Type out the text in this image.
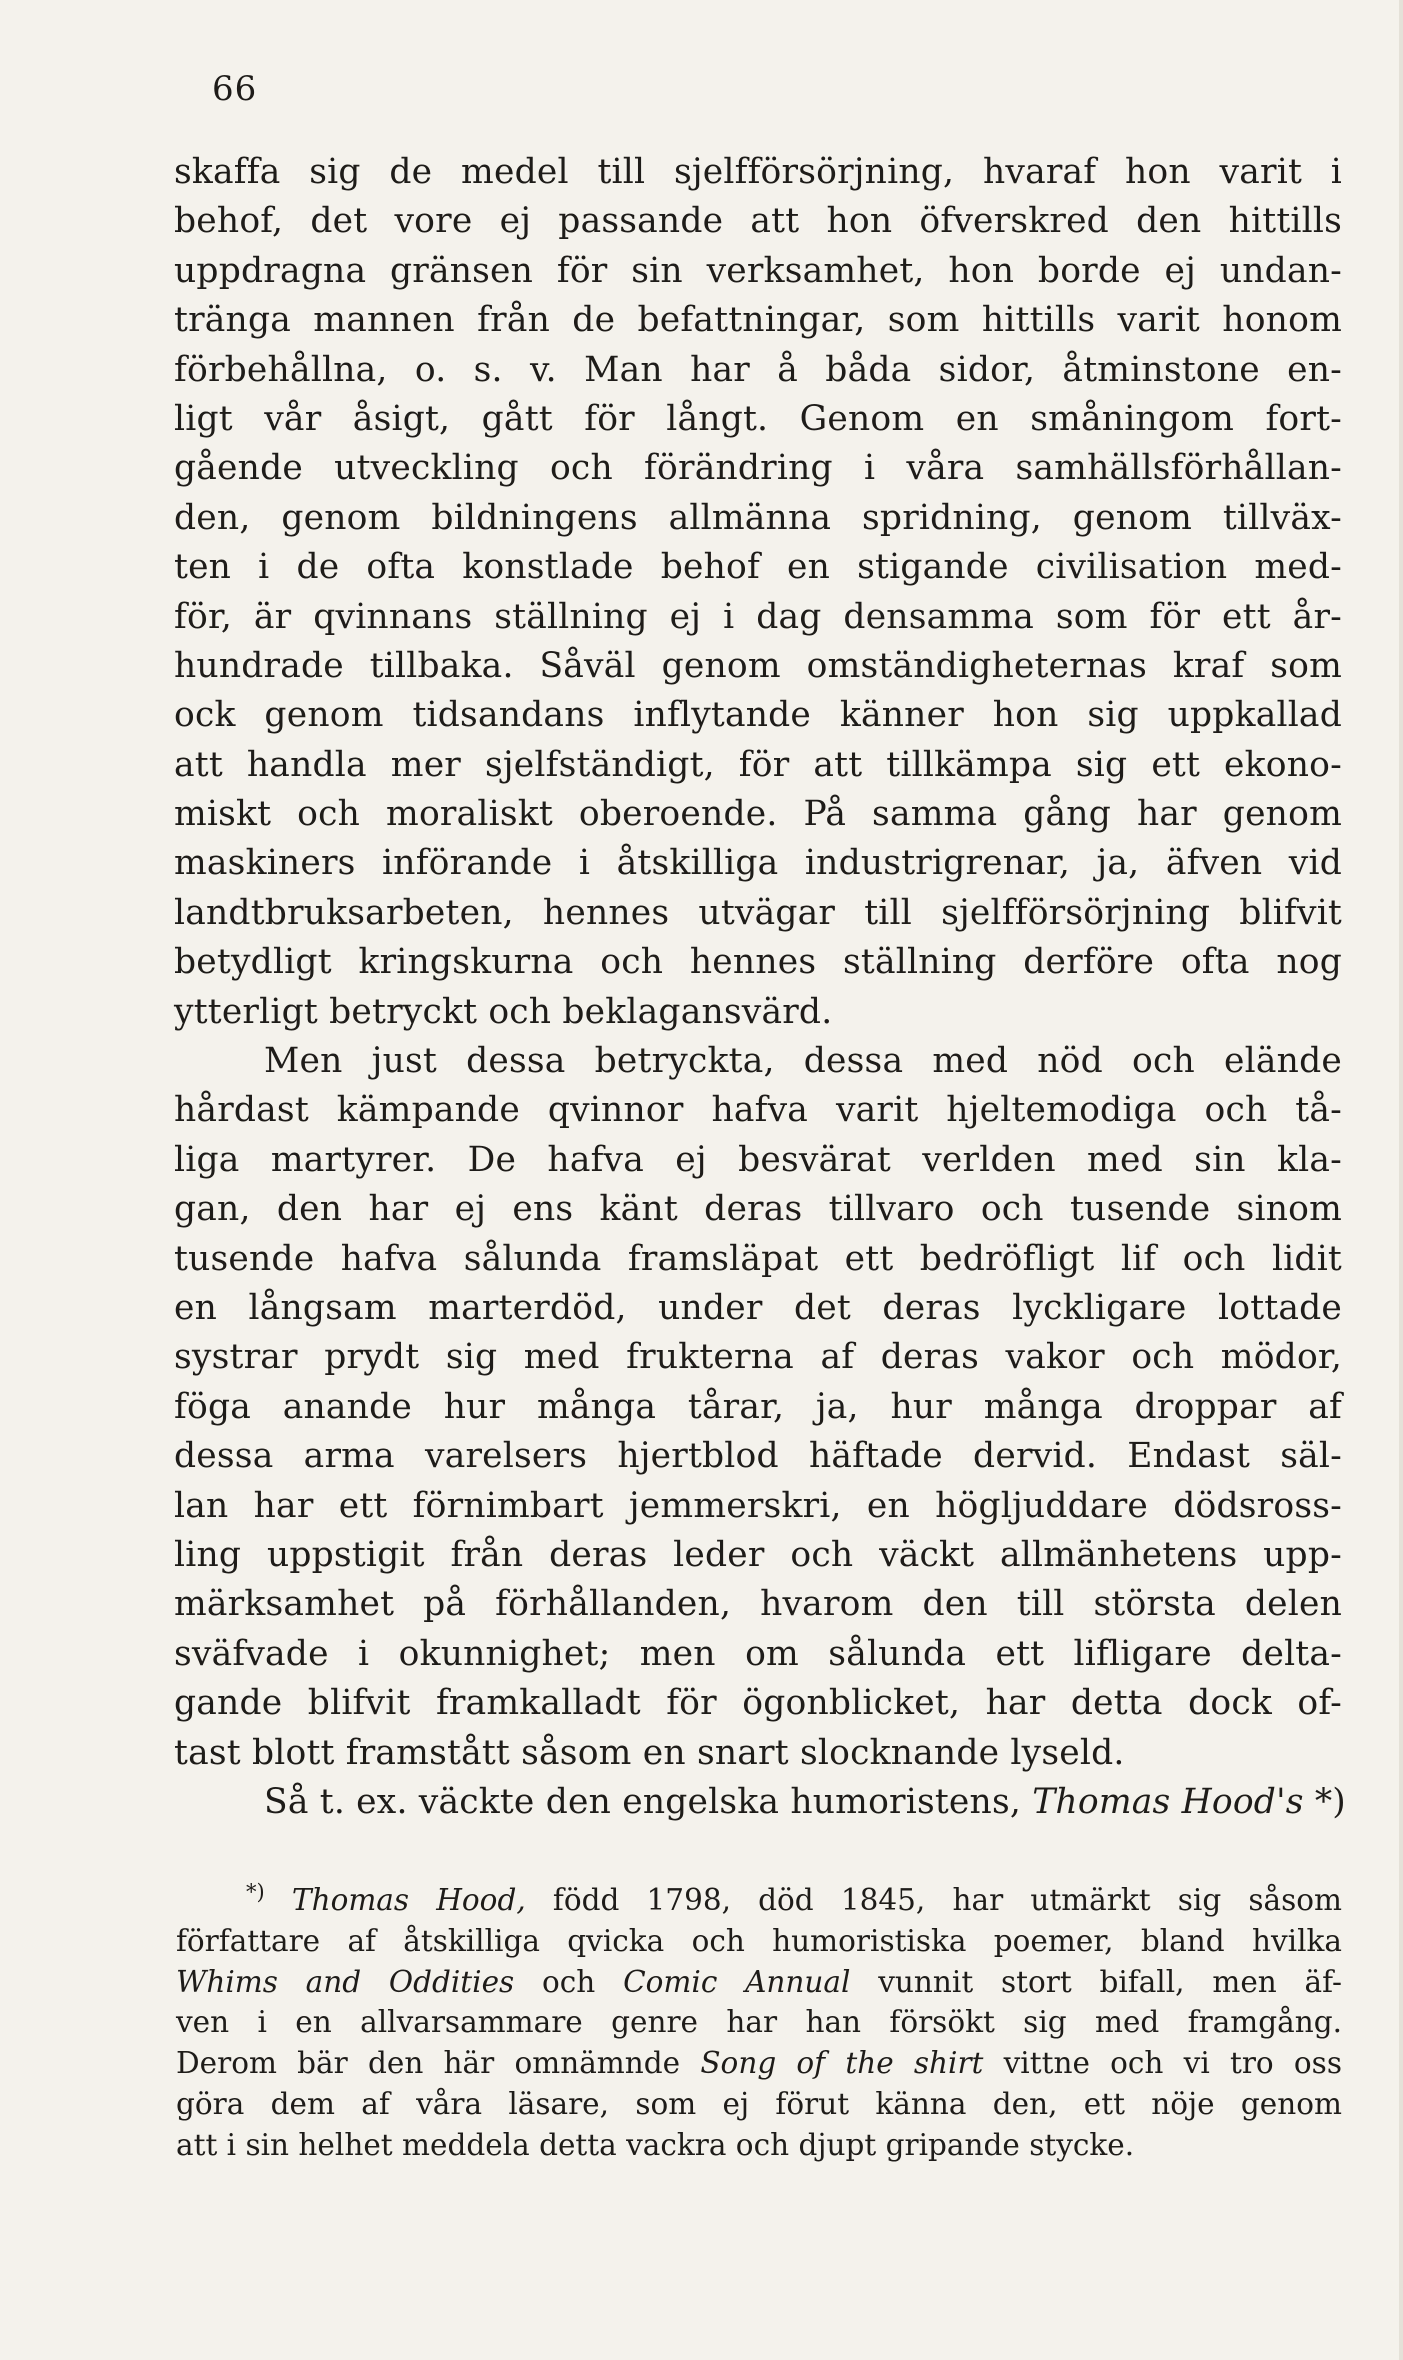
66
skaffa sig de medel till sjelfförsörjning, hvaraf hon varit i
behof, det vore ej passande att hon öfverskred den hittills
uppdragna gränsen för sin verksamhet, hon borde ej undan-
tränga mannen från de befattningar, som hittills varit honom
förbehållna, o. s. v. Man har å båda sidor, åtminstone en-
ligt vår åsigt, gått för långt. Genom en småningom fort-
gående utveckling och förändring i våra samhällsförhållan-
den, genom bildningens allmänna spridning, genom tillväx-
ten i de ofta konstlade behof en stigande civilisation med-
för, är qvinnans ställning ej i dag densamma som för ett år-
hundrade tillbaka. Såväl genom omständigheternas kraf som
ock genom tidsandans inflytande känner hon sig uppkallad
att handla mer sjelfständigt, för att tillkämpa sig ett ekono-
miskt och moraliskt oberoende. På samma gång har genom
maskiners införande i åtskilliga industrigrenar, ja, äfven vid
landtbruksarbeten, hennes utvägar till sjelfförsörjning blifvit
betydligt kringskurna och hennes ställning derföre ofta nog
ytterligt betryckt och beklagansvärd.
Men just dessa betryckta, dessa med nöd och elände
hårdast kämpande qvinnor hafva varit hjeltemodiga och tå-
liga martyrer. De hafva ej besvärat verlden med sin kla-
gan, den har ej ens känt deras tillvaro och tusende sinom
tusende hafva sålunda framsläpat ett bedröfligt lif och lidit
en långsam marterdöd, under det deras lyckligare lottade
systrar prydt sig med frukterna af deras vakor och mödor,
föga anande hur många tårar, ja, hur många droppar af
dessa arma varelsers hjertblod häftade dervid. Endast säl-
lan har ett förnimbart jemmerskri, en högljuddare dödsross-
ling uppstigit från deras leder och väckt allmänhetens upp-
märksamhet på förhållanden, hvarom den till största delen
sväfvade i okunnighet; men om sålunda ett lifligare delta-
gande blifvit framkalladt för ögonblicket, har detta dock of-
tast blott framstått såsom en snart slocknande lyseld.
Så t. ex. väckte den engelska humoristens, Thomas Hood's *)
*) Thomas Hood, född 1798, död 1845, har utmärkt sig såsom
författare af åtskilliga qvicka och humoristiska poemer, bland hvilka
Whims and Oddities och Comic Annual vunnit stort bifall, men äf-
ven i en allvarsammare genre har han försökt sig med framgång.
Derom bär den här omnämnde Song of the shirt vittne och vi tro oss
göra dem af våra läsare, som ej förut känna den, ett nöje genom
att i sin helhet meddela detta vackra och djupt gripande stycke.
